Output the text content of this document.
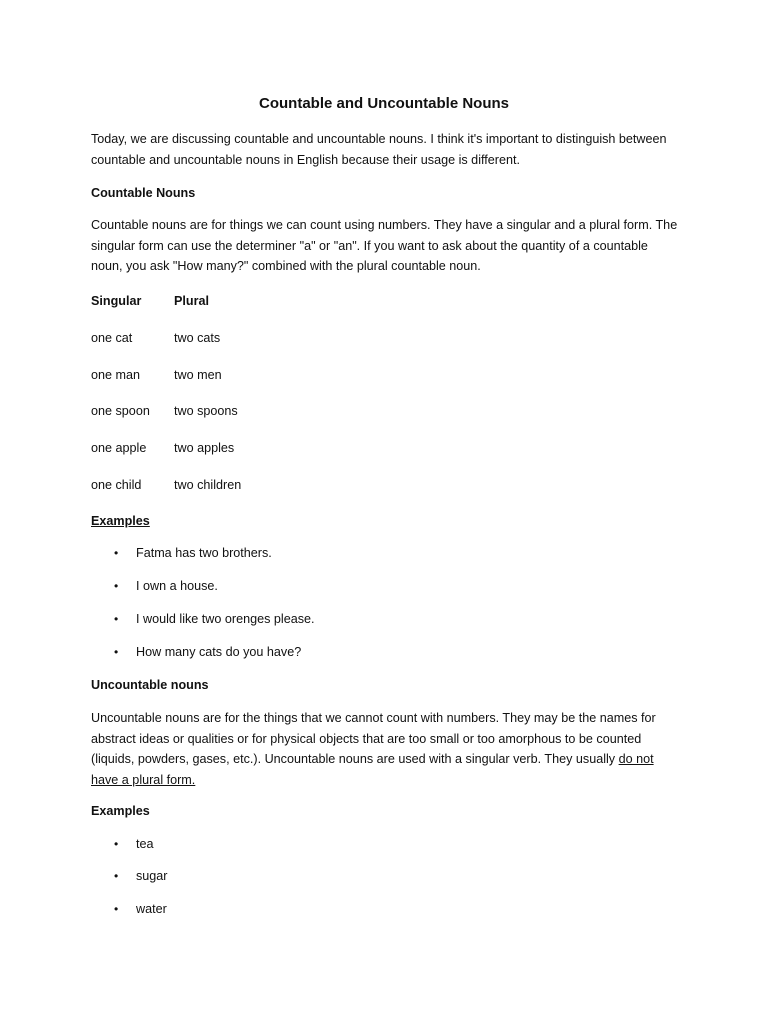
Countable and Uncountable Nouns

Today, we are discussing countable and uncountable nouns. I think it's important to distinguish between countable and uncountable nouns in English because their usage is different.

Countable Nouns

Countable nouns are for things we can count using numbers. They have a singular and a plural form. The singular form can use the determiner "a" or "an". If you want to ask about the quantity of a countable noun, you ask "How many?" combined with the plural countable noun.

Singular	Plural
one cat	two cats
one man	two men
one spoon two spoons
one apple two apples
one child	two children

Examples

• Fatma has two brothers.
• I own a house.
• I would like two orenges please.
• How many cats do you have?

Uncountable nouns

Uncountable nouns are for the things that we cannot count with numbers. They may be the names for abstract ideas or qualities or for physical objects that are too small or too amorphous to be counted (liquids, powders, gases, etc.). Uncountable nouns are used with a singular verb. They usually do not have a plural form.

Examples

• tea
• sugar
• water
